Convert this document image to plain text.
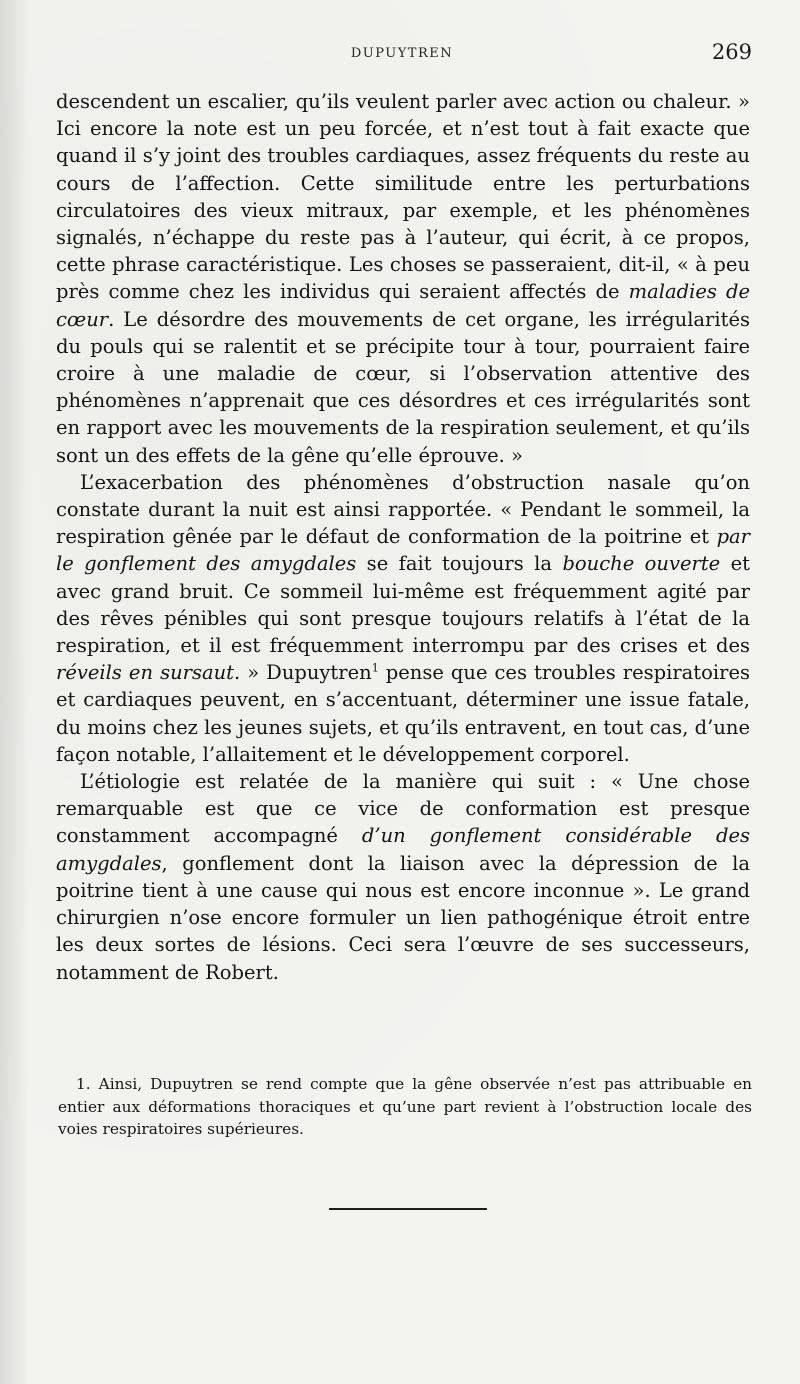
DUPUYTREN	269

descendent un escalier, qu’ils veulent parler avec action ou chaleur. » Ici encore la note est un peu forcée, et n’est tout à fait exacte que quand il s’y joint des troubles cardiaques, assez fréquents du reste au cours de l’affection. Cette similitude entre les perturbations circulatoires des vieux mitraux, par exemple, et les phénomènes signalés, n’échappe du reste pas à l’auteur, qui écrit, à ce propos, cette phrase caractéristique. Les choses se passeraient, dit-il, « à peu près comme chez les individus qui seraient affectés de maladies de cœur. Le désordre des mouvements de cet organe, les irrégularités du pouls qui se ralentit et se précipite tour à tour, pourraient faire croire à une maladie de cœur, si l’observation attentive des phénomènes n’apprenait que ces désordres et ces irrégularités sont en rapport avec les mouvements de la respiration seulement, et qu’ils sont un des effets de la gêne qu’elle éprouve. »

L’exacerbation des phénomènes d’obstruction nasale qu’on constate durant la nuit est ainsi rapportée. « Pendant le sommeil, la respiration gênée par le défaut de conformation de la poitrine et par le gonflement des amygdales se fait toujours la bouche ouverte et avec grand bruit. Ce sommeil lui-même est fréquemment agité par des rêves pénibles qui sont presque toujours relatifs à l’état de la respiration, et il est fréquemment interrompu par des crises et des réveils en sursaut. » Dupuytren$^1$ pense que ces troubles respiratoires et cardiaques peuvent, en s’accentuant, déterminer une issue fatale, du moins chez les jeunes sujets, et qu’ils entravent, en tout cas, d’une façon notable, l’allaitement et le développement corporel.

L’étiologie est relatée de la manière qui suit : « Une chose remarquable est que ce vice de conformation est presque constamment accompagné d’un gonflement considérable des amygdales, gonflement dont la liaison avec la dépression de la poitrine tient à une cause qui nous est encore inconnue ». Le grand chirurgien n’ose encore formuler un lien pathogénique étroit entre les deux sortes de lésions. Ceci sera l’œuvre de ses successeurs, notamment de Robert.

1. Ainsi, Dupuytren se rend compte que la gêne observée n’est pas attribuable en entier aux déformations thoraciques et qu’une part revient à l’obstruction locale des voies respiratoires supérieures.
